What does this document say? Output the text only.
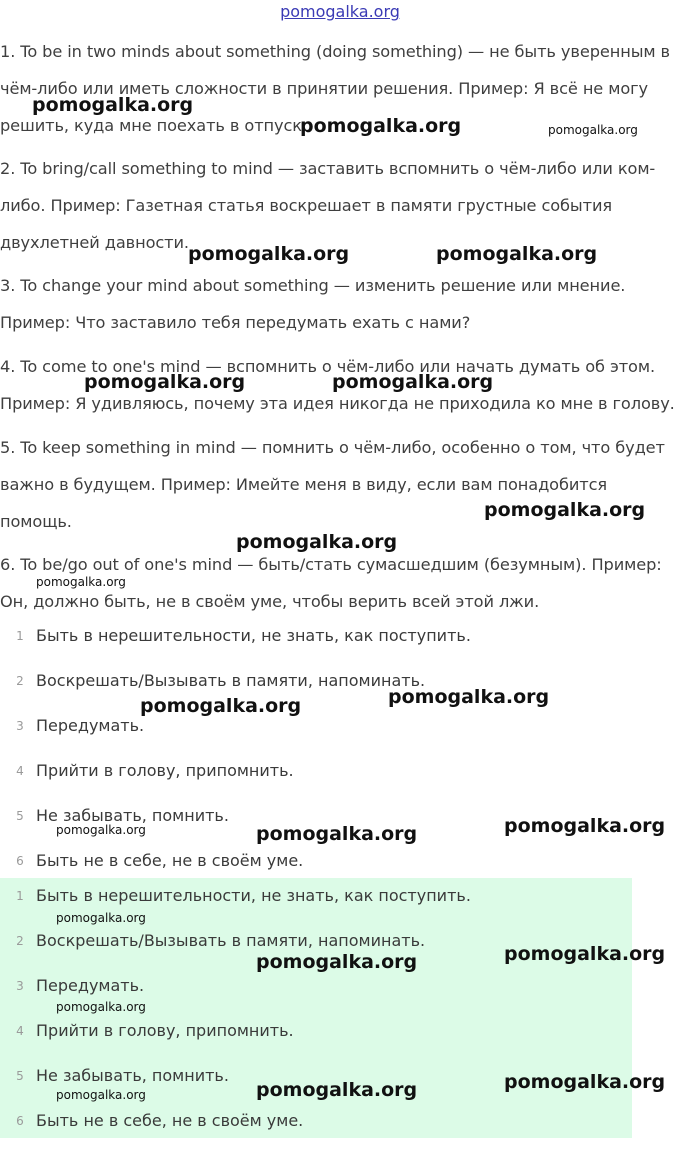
pomogalka.org

1. To be in two minds about something (doing something) — не быть уверенным в чём-либо или иметь сложности в принятии решения. Пример: Я всё не могу решить, куда мне поехать в отпуск.

2. To bring/call something to mind — заставить вспомнить о чём-либо или ком-либо. Пример: Газетная статья воскрешает в памяти грустные события двухлетней давности.

3. To change your mind about something — изменить решение или мнение. Пример: Что заставило тебя передумать ехать с нами?

4. To come to one's mind — вспомнить о чём-либо или начать думать об этом. Пример: Я удивляюсь, почему эта идея никогда не приходила ко мне в голову.

5. To keep something in mind — помнить о чём-либо, особенно о том, что будет важно в будущем. Пример: Имейте меня в виду, если вам понадобится помощь.

6. To be/go out of one's mind — быть/стать сумасшедшим (безумным). Пример: Он, должно быть, не в своём уме, чтобы верить всей этой лжи.

1 Быть в нерешительности, не знать, как поступить.
2 Воскрешать/Вызывать в памяти, напоминать.
3 Передумать.
4 Прийти в голову, припомнить.
5 Не забывать, помнить.
6 Быть не в себе, не в своём уме.
1 Быть в нерешительности, не знать, как поступить.
2 Воскрешать/Вызывать в памяти, напоминать.
3 Передумать.
4 Прийти в голову, припомнить.
5 Не забывать, помнить.
6 Быть не в себе, не в своём уме.
pomogalka.org
pomogalka.org	pomogalka.org
pomogalka.org	pomogalka.org
pomogalka.org	pomogalka.org
pomogalka.org
pomogalka.org
pomogalka.org
pomogalka.org
pomogalka.org
pomogalka.org	pomogalka.org
pomogalka.org
pomogalka.org
pomogalka.org
pomogalka.org
pomogalka.org
pomogalka.org
pomogalka.org
pomogalka.org
